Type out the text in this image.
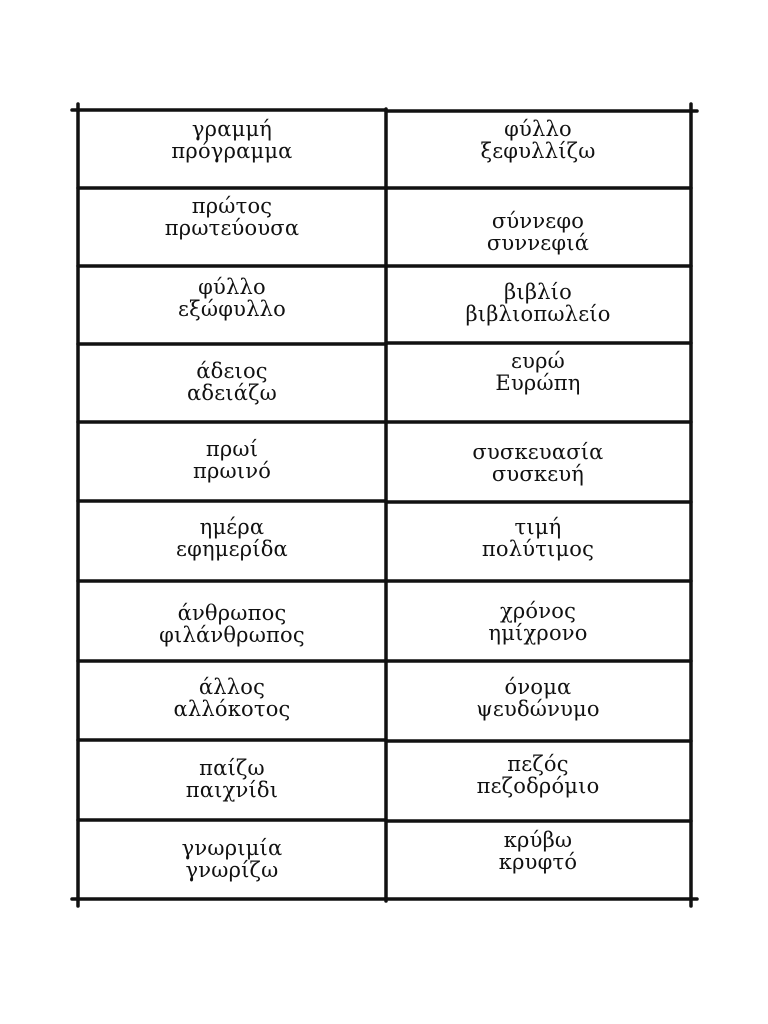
γραμμή
πρόγραμμα
φύλλο
ξεφυλλίζω
πρώτος
πρωτεύουσα	σύννεφο
συννεφιά
φύλλο
εξώφυλλο
βιβλίο
βιβλιοπωλείο
άδειος
αδειάζω
ευρώ
Ευρώπη
πρωί
πρωινό
συσκευασία
συσκευή
ημέρα
εφημερίδα
τιμή
πολύτιμος
άνθρωπος
φιλάνθρωπος
χρόνος
ημίχρονο
άλλος
αλλόκοτος
όνομα
ψευδώνυμο
παίζω
παιχνίδι
πεζός
πεζοδρόμιο
γνωριμία
γνωρίζω
κρύβω
κρυφτό
